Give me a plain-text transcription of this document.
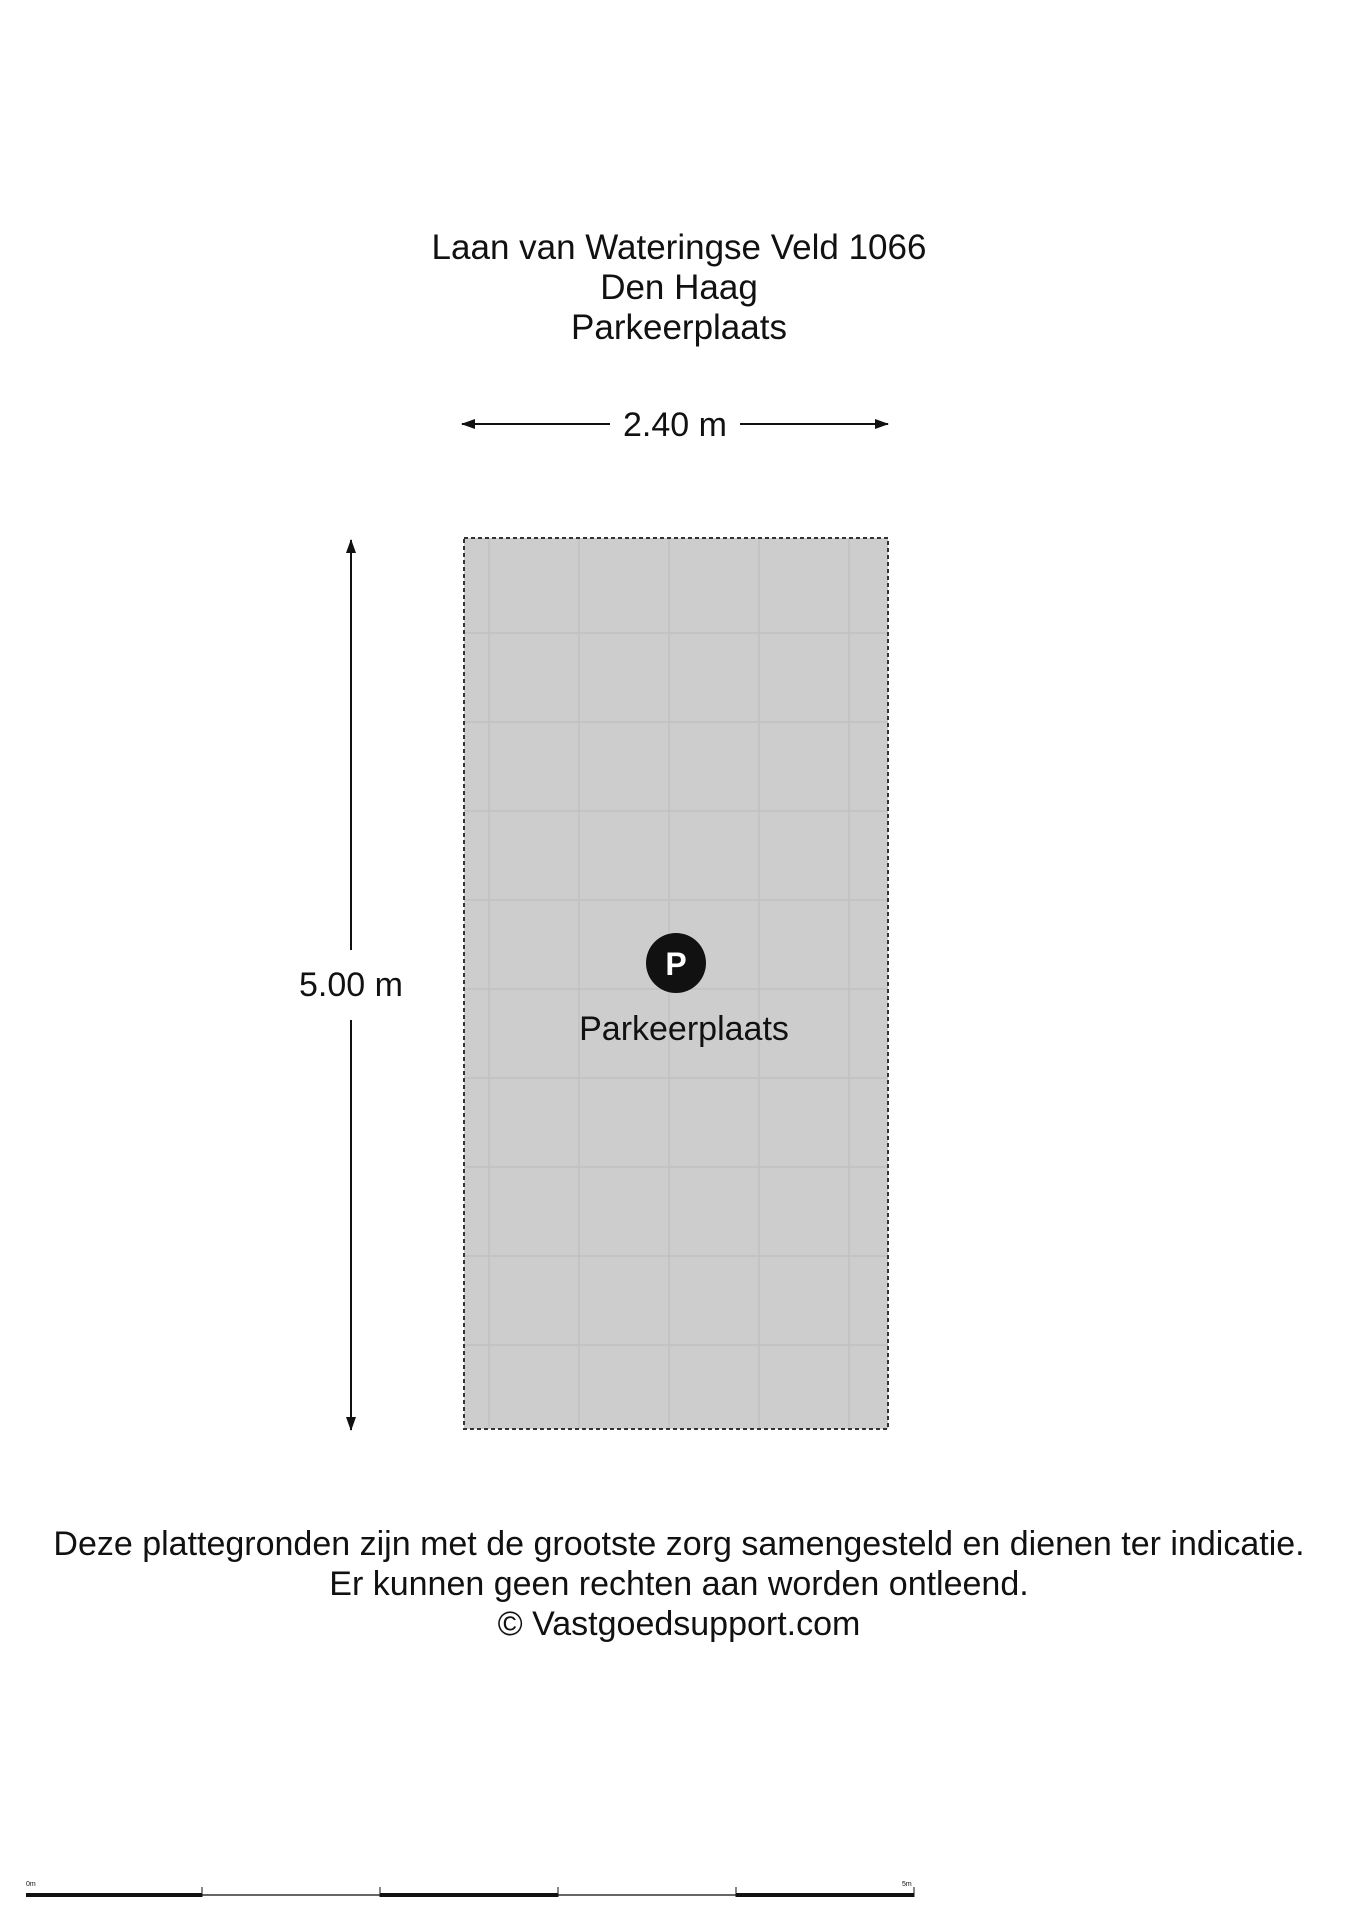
Laan van Wateringse Veld 1066
Den Haag
Parkeerplaats
2.40 m
5.00 m
P
Parkeerplaats
0m	5m
Deze plattegronden zijn met de grootste zorg samengesteld en dienen ter indicatie.
Er kunnen geen rechten aan worden ontleend.
© Vastgoedsupport.com
